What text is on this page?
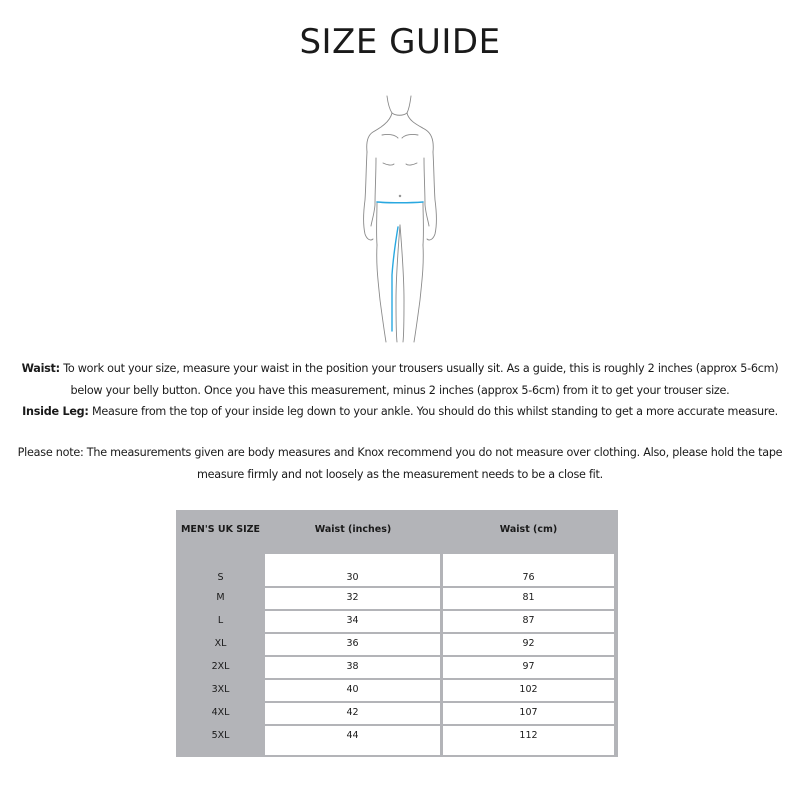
SIZE GUIDE
Waist: To work out your size, measure your waist in the position your trousers usually sit. As a guide, this is roughly 2 inches (approx 5-6cm)
below your belly button. Once you have this measurement, minus 2 inches (approx 5-6cm) from it to get your trouser size.
Inside Leg: Measure from the top of your inside leg down to your ankle. You should do this whilst standing to get a more accurate measure.
Please note: The measurements given are body measures and Knox recommend you do not measure over clothing. Also, please hold the tape
measure firmly and not loosely as the measurement needs to be a close fit.
MEN'S UK SIZE	Waist (inches)	Waist (cm)
S	30	76
M	32	81
L	34	87
XL	36	92
2XL	38	97
3XL	40	102
4XL	42	107
5XL	44	112
